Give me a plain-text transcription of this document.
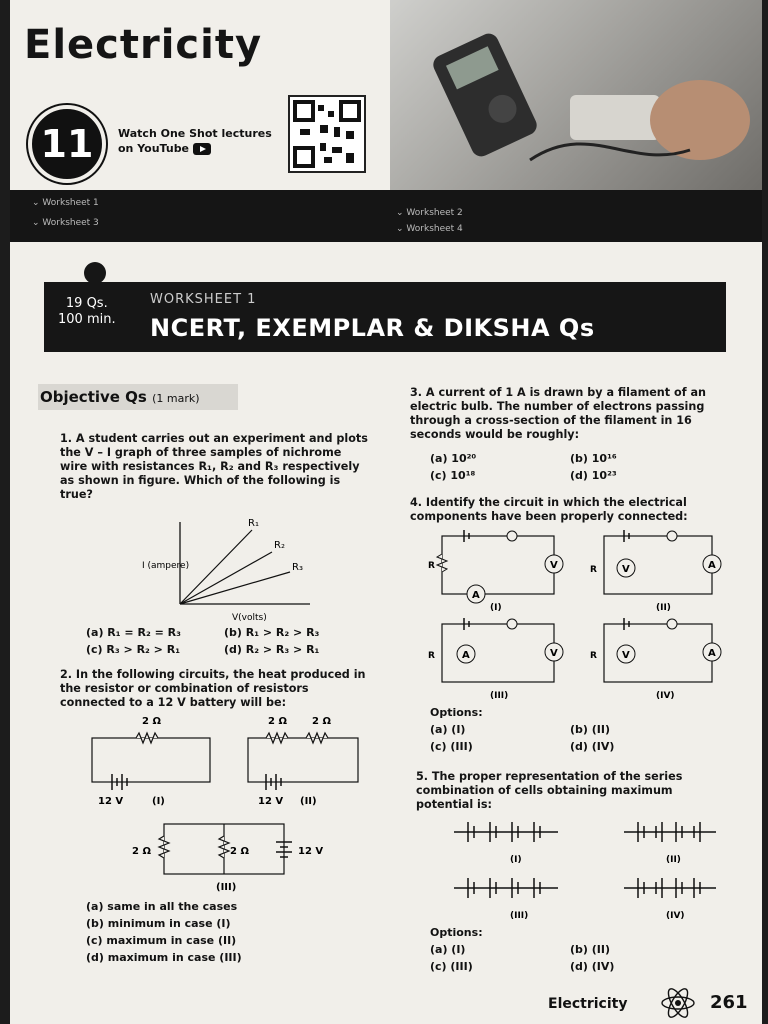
Electricity
11	Watch One Shot lectures on YouTube
⌄ Worksheet 1
⌄ Worksheet 3
⌄ Worksheet 2
⌄ Worksheet 4
19 Qs.
100 min.
WORKSHEET 1
NCERT, EXEMPLAR & DIKSHA Qs
Objective Qs (1 mark)
1. A student carries out an experiment and plots the V – I graph of three samples of nichrome wire with resistances R₁, R₂ and R₃ respectively as shown in figure. Which of the following is true?
R₁
R₂
R₃
I (ampere)
V(volts)
(a) R₁ = R₂ = R₃	(b) R₁ > R₂ > R₃
(c) R₃ > R₂ > R₁	(d) R₂ > R₃ > R₁
2. In the following circuits, the heat produced in the resistor or combination of resistors connected to a 12 V battery will be:
2 Ω
12 V	(I)
2 Ω	2 Ω
12 V (II)
2 Ω	2 Ω	12 V
(III)
(a) same in all the cases
(b) minimum in case (I)
(c) maximum in case (II)
(d) maximum in case (III)
3. A current of 1 A is drawn by a filament of an electric bulb. The number of electrons passing through a cross-section of the filament in 16 seconds would be roughly:
(a) 10²⁰	(b) 10¹⁶
(c) 10¹⁸	(d) 10²³
4. Identify the circuit in which the electrical components have been properly connected:
V
A
R
(I)
A
V
R
(II)
V
A
R
(III)
A
V
R
(IV)
Options:
(a) (I)	(b) (II)
(c) (III)	(d) (IV)
5. The proper representation of the series combination of cells obtaining maximum potential is:
(I)	(II)
(III)	(IV)
Options:
(a) (I)	(b) (II)
(c) (III)	(d) (IV)
Electricity	261
